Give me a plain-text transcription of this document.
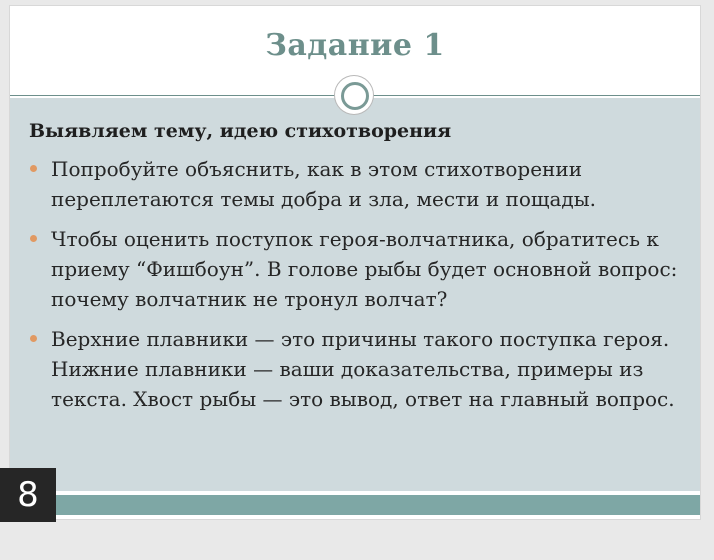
Задание 1
Выявляем тему, идею стихотворения
Попробуйте объяснить, как в этом стихотворении переплетаются темы добра и зла, мести и пощады.
Чтобы оценить поступок героя-волчатника, обратитесь к приему “Фишбоун”. В голове рыбы будет основной вопрос: почему волчатник не тронул волчат?
Верхние плавники — это причины такого поступка героя. Нижние плавники — ваши доказательства, примеры из текста. Хвост рыбы — это вывод, ответ на главный вопрос.
8
